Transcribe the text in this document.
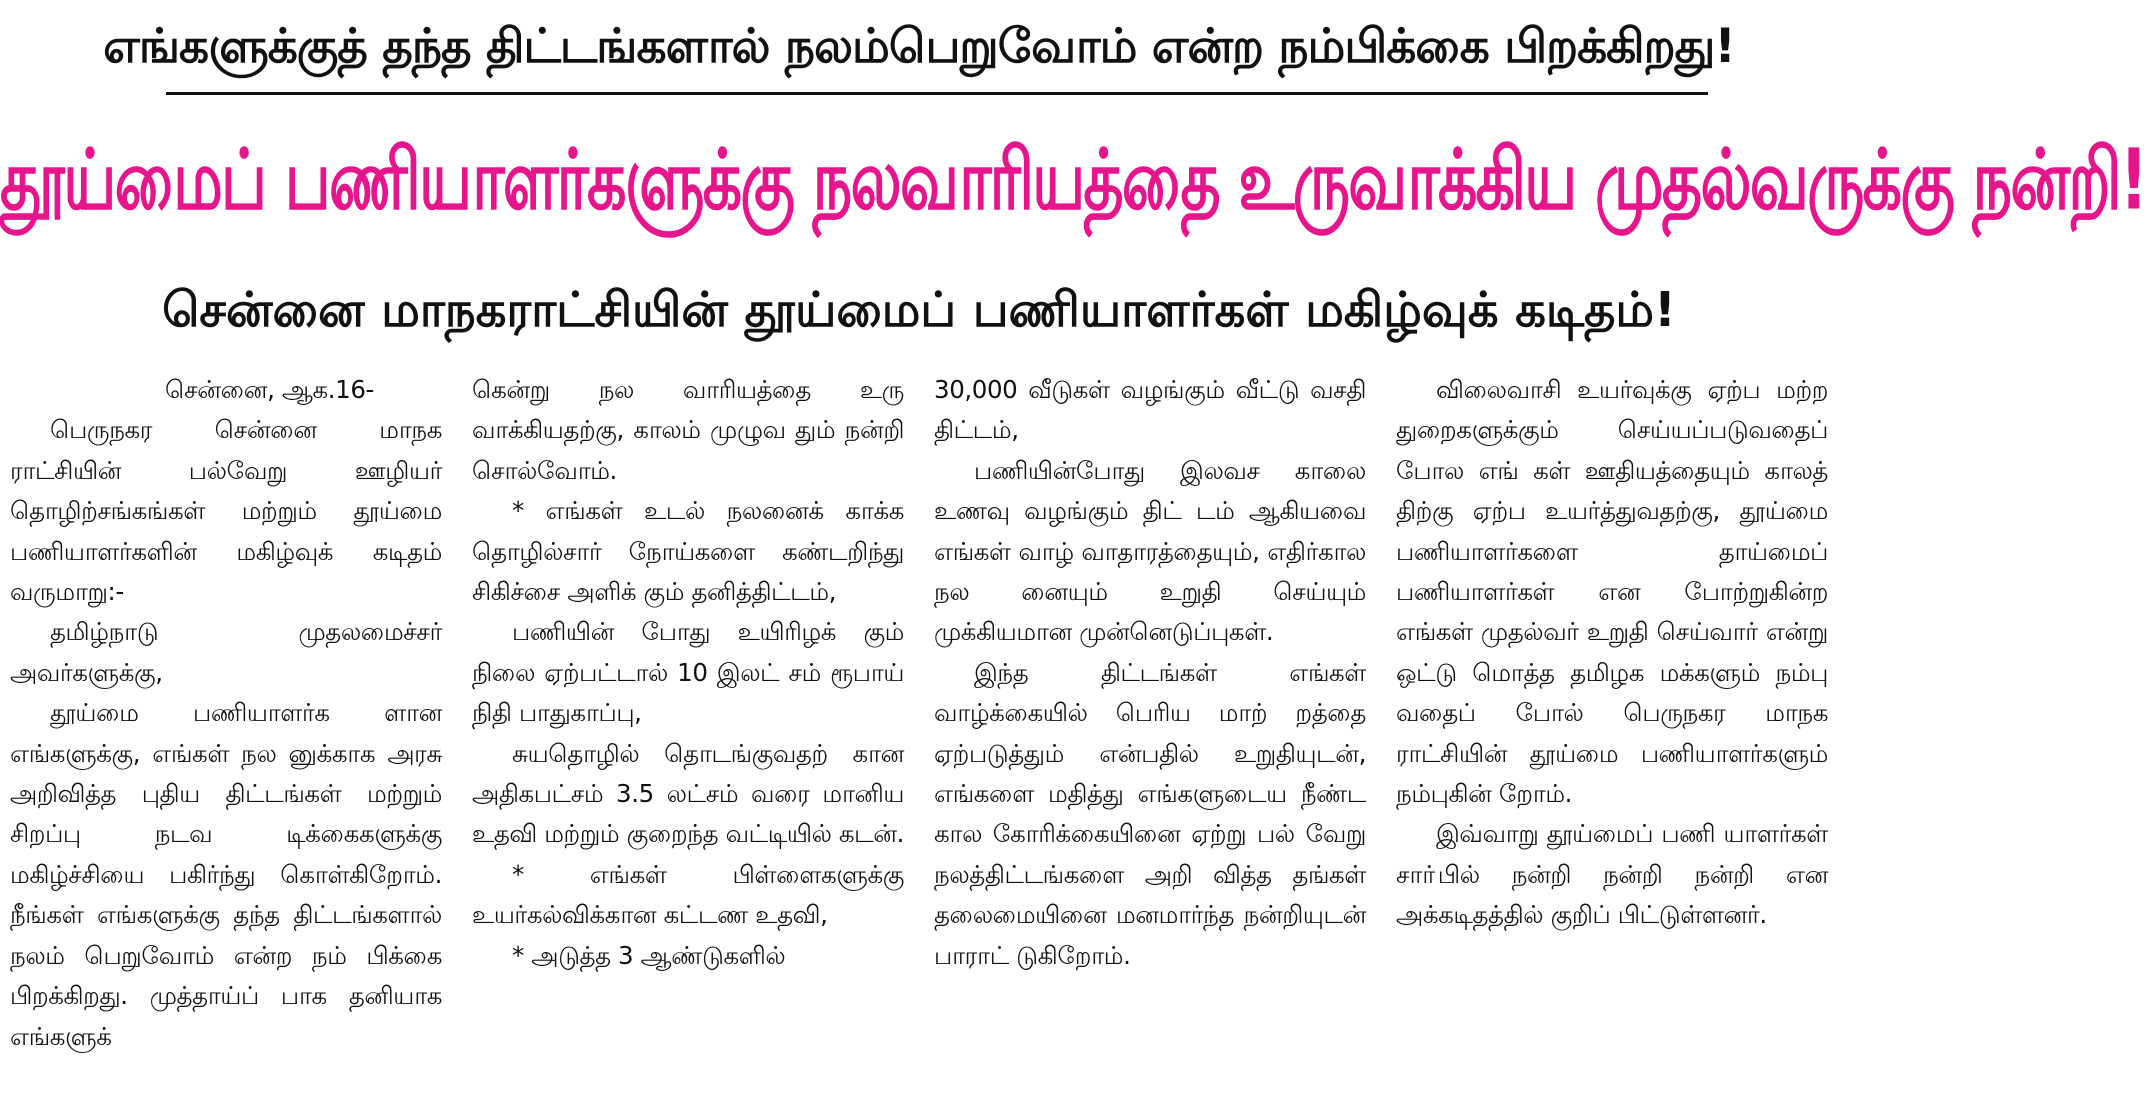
எங்களுக்குத் தந்த திட்டங்களால் நலம்பெறுவோம் என்ற நம்பிக்கை பிறக்கிறது!
தூய்மைப் பணியாளர்களுக்கு நலவாரியத்தை உருவாக்கிய முதல்வருக்கு நன்றி!
சென்னை மாநகராட்சியின் தூய்மைப் பணியாளர்கள் மகிழ்வுக் கடிதம்!

சென்னை, ஆக.16-

பெருநகர சென்னை மாநக ராட்சியின் பல்வேறு ஊழியர் தொழிற்சங்கங்கள் மற்றும் தூய்மை பணியாளர்களின் மகிழ்வுக் கடிதம் வருமாறு:-

தமிழ்நாடு முதலமைச்சர் அவர்களுக்கு,

தூய்மை பணியாளர்க ளான எங்களுக்கு, எங்கள் நல னுக்காக அரசு அறிவித்த புதிய திட்டங்கள் மற்றும் சிறப்பு நடவ டிக்கைகளுக்கு மகிழ்ச்சியை பகிர்ந்து கொள்கிறோம். நீங்கள் எங்களுக்கு தந்த திட்டங்களால் நலம் பெறுவோம் என்ற நம் பிக்கை பிறக்கிறது. முத்தாய்ப் பாக தனியாக எங்களுக்

கென்று நல வாரியத்தை உரு வாக்கியதற்கு, காலம் முழுவ தும் நன்றி சொல்வோம்.

* எங்கள் உடல் நலனைக் காக்க தொழில்சார் நோய்களை கண்டறிந்து சிகிச்சை அளிக் கும் தனித்திட்டம்,

பணியின் போது உயிரிழக் கும் நிலை ஏற்பட்டால் 10 இலட் சம் ரூபாய் நிதி பாதுகாப்பு,

சுயதொழில் தொடங்குவதற் கான அதிகபட்சம் 3.5 லட்சம் வரை மானிய உதவி மற்றும் குறைந்த வட்டியில் கடன்.

* எங்கள் பிள்ளைகளுக்கு உயர்கல்விக்கான கட்டண உதவி,

* அடுத்த 3 ஆண்டுகளில்

30,000 வீடுகள் வழங்கும் வீட்டு வசதி திட்டம்,

பணியின்போது இலவச காலை உணவு வழங்கும் திட் டம் ஆகியவை எங்கள் வாழ் வாதாரத்தையும், எதிர்கால நல னையும் உறுதி செய்யும் முக்கியமான முன்னெடுப்புகள்.

இந்த திட்டங்கள் எங்கள் வாழ்க்கையில் பெரிய மாற் றத்தை ஏற்படுத்தும் என்பதில் உறுதியுடன், எங்களை மதித்து எங்களுடைய நீண்ட கால கோரிக்கையினை ஏற்று பல் வேறு நலத்திட்டங்களை அறி வித்த தங்கள் தலைமையினை மனமார்ந்த நன்றியுடன் பாராட் டுகிறோம்.

விலைவாசி உயர்வுக்கு ஏற்ப மற்ற துறைகளுக்கும் செய்யப்படுவதைப் போல எங் கள் ஊதியத்தையும் காலத் திற்கு ஏற்ப உயர்த்துவதற்கு, தூய்மை பணியாளர்களை தாய்மைப் பணியாளர்கள் என போற்றுகின்ற எங்கள் முதல்வர் உறுதி செய்வார் என்று ஒட்டு மொத்த தமிழக மக்களும் நம்பு வதைப் போல் பெருநகர மாநக ராட்சியின் தூய்மை பணியாளர்களும் நம்புகின் றோம்.

இவ்வாறு தூய்மைப் பணி யாளர்கள் சாா்பில் நன்றி நன்றி நன்றி என அக்கடிதத்தில் குறிப் பிட்டுள்ளனர்.
